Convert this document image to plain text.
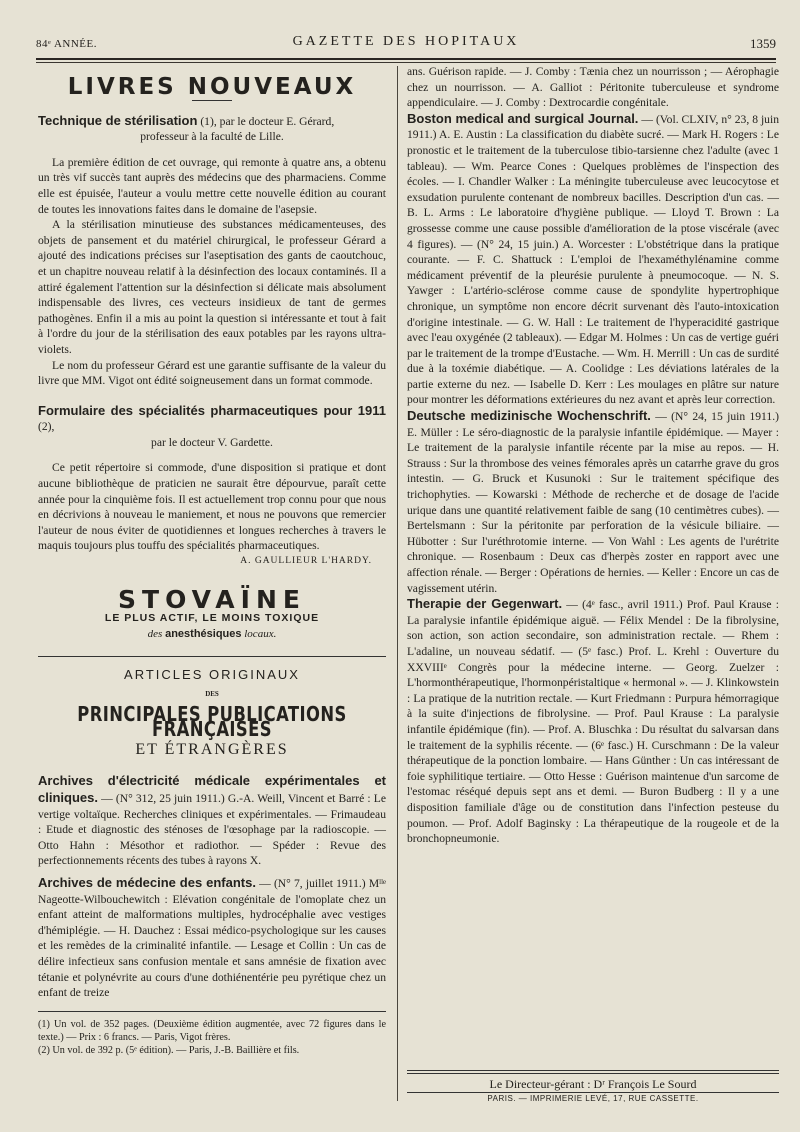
84ᵉ ANNÉE.	GAZETTE DES HOPITAUX	1359
LIVRES NOUVEAUX

Technique de stérilisation (1), par le docteur E. Gérard,

professeur à la faculté de Lille.

La première édition de cet ouvrage, qui remonte à quatre ans, a obtenu un très vif succès tant auprès des médecins que des pharmaciens. Comme elle est épuisée, l'auteur a voulu mettre cette nouvelle édition au courant de toutes les innovations faites dans le domaine de l'asepsie.

A la stérilisation minutieuse des substances médicamenteuses, des objets de pansement et du matériel chirurgical, le professeur Gérard a ajouté des indications précises sur l'aseptisation des gants de caoutchouc, et un chapitre nouveau relatif à la désinfection des locaux contaminés. Il a attiré également l'attention sur la désinfection si délicate mais absolument indispensable des livres, ces vecteurs insidieux de tant de germes pathogènes. Enfin il a mis au point la question si intéressante et tout à fait à l'ordre du jour de la stérilisation des eaux potables par les rayons ultra-violets.

Le nom du professeur Gérard est une garantie suffisante de la valeur du livre que MM. Vigot ont édité soigneusement dans un format commode.

Formulaire des spécialités pharmaceutiques pour 1911 (2),

par le docteur V. Gardette.

Ce petit répertoire si commode, d'une disposition si pratique et dont aucune bibliothèque de praticien ne saurait être dépourvue, paraît cette année pour la cinquième fois. Il est actuellement trop connu pour que nous en décrivions à nouveau le maniement, et nous ne pouvons que remercier l'auteur de nous éviter de quotidiennes et longues recherches à travers le maquis toujours plus touffu des spécialités pharmaceutiques.

A. GAULLIEUR L'HARDY.

STOVAÏNE
LE PLUS ACTIF, LE MOINS TOXIQUE
des anesthésiques locaux.
ARTICLES ORIGINAUX
DES
PRINCIPALES PUBLICATIONS FRANÇAISES
ET ÉTRANGÈRES

Archives d'électricité médicale expérimentales et cliniques. — (N° 312, 25 juin 1911.) G.-A. Weill, Vincent et Barré : Le vertige voltaïque. Recherches cliniques et expérimentales. — Frimaudeau : Etude et diagnostic des sténoses de l'œsophage par la radioscopie. — Otto Hahn : Mésothor et radiothor. — Spéder : Revue des perfectionnements récents des tubes à rayons X.

Archives de médecine des enfants. — (N° 7, juillet 1911.) Mˡˡᵉ Nageotte-Wilbouchewitch : Elévation congénitale de l'omoplate chez un enfant atteint de malformations multiples, hydrocéphalie avec vestiges d'hémiplégie. — H. Dauchez : Essai médico-psychologique sur les causes et les remèdes de la criminalité infantile. — Lesage et Collin : Un cas de délire infectieux sans confusion mentale et sans amnésie de fixation avec tétanie et polynévrite au cours d'une dothiénentérie peu pyrétique chez un enfant de treize

(1) Un vol. de 352 pages. (Deuxième édition augmentée, avec 72 figures dans le texte.) — Prix : 6 francs. — Paris, Vigot frères.

(2) Un vol. de 392 p. (5ᵉ édition). — Paris, J.-B. Baillière et fils.

ans. Guérison rapide. — J. Comby : Tænia chez un nourrisson ; — Aérophagie chez un nourrisson. — A. Galliot : Péritonite tuberculeuse et syndrome appendiculaire. — J. Comby : Dextrocardie congénitale.

Boston medical and surgical Journal. — (Vol. CLXIV, n° 23, 8 juin 1911.) A. E. Austin : La classification du diabète sucré. — Mark H. Rogers : Le pronostic et le traitement de la tuberculose tibio-tarsienne chez l'adulte (avec 1 tableau). — Wm. Pearce Cones : Quelques problèmes de l'inspection des écoles. — I. Chandler Walker : La méningite tuberculeuse avec leucocytose et exsudation purulente contenant de nombreux bacilles. Description d'un cas. — B. L. Arms : Le laboratoire d'hygiène publique. — Lloyd T. Brown : La grossesse comme une cause possible d'amélioration de la ptose viscérale (avec 4 figures). — (N° 24, 15 juin.) A. Worcester : L'obstétrique dans la pratique courante. — F. C. Shattuck : L'emploi de l'hexaméthylénamine comme médicament préventif de la pleurésie purulente à pneumocoque. — N. S. Yawger : L'artério-sclérose comme cause de spondylite hypertrophique chronique, un symptôme non encore décrit survenant dès l'auto-intoxication d'origine intestinale. — G. W. Hall : Le traitement de l'hyperacidité gastrique avec l'eau oxygénée (2 tableaux). — Edgar M. Holmes : Un cas de vertige guéri par le traitement de la trompe d'Eustache. — Wm. H. Merrill : Un cas de surdité due à la toxémie diabétique. — A. Coolidge : Les déviations latérales de la partie externe du nez. — Isabelle D. Kerr : Les moulages en plâtre sur nature pour montrer les déformations extérieures du nez avant et après leur correction.

Deutsche medizinische Wochenschrift. — (N° 24, 15 juin 1911.) E. Müller : Le séro-diagnostic de la paralysie infantile épidémique. — Mayer : Le traitement de la paralysie infantile récente par la mise au repos. — H. Strauss : Sur la thrombose des veines fémorales après un catarrhe grave du gros intestin. — G. Bruck et Kusunoki : Sur le traitement spécifique des trichophyties. — Kowarski : Méthode de recherche et de dosage de l'acide urique dans une quantité relativement faible de sang (10 centimètres cubes). — Bertelsmann : Sur la péritonite par perforation de la vésicule biliaire. — Hübotter : Sur l'uréthrotomie interne. — Von Wahl : Les agents de l'urétrite chronique. — Rosenbaum : Deux cas d'herpès zoster en rapport avec une affection rénale. — Berger : Opérations de hernies. — Keller : Encore un cas de vagissement utérin.

Therapie der Gegenwart. — (4ᵉ fasc., avril 1911.) Prof. Paul Krause : La paralysie infantile épidémique aiguë. — Félix Mendel : De la fibrolysine, son action, son action secondaire, son administration rectale. — Rhem : L'adaline, un nouveau sédatif. — (5ᵉ fasc.) Prof. L. Krehl : Ouverture du XXVIIIᵉ Congrès pour la médecine interne. — Georg. Zuelzer : L'hormonthérapeutique, l'hormonpéristaltique « hermonal ». — J. Klinkowstein : La pratique de la nutrition rectale. — Kurt Friedmann : Purpura hémorragique à la suite d'injections de fibrolysine. — Prof. Paul Krause : La paralysie infantile épidémique (fin). — Prof. A. Bluschka : Du résultat du salvarsan dans le traitement de la syphilis récente. — (6ᵉ fasc.) H. Curschmann : De la valeur thérapeutique de la ponction lombaire. — Hans Günther : Un cas intéressant de foie syphilitique tertiaire. — Otto Hesse : Guérison maintenue d'un sarcome de l'estomac réséqué depuis sept ans et demi. — Buron Budberg : Il y a une disposition familiale d'âge ou de constitution dans l'infection pesteuse du poumon. — Prof. Adolf Baginsky : La thérapeutique de la rougeole et de la bronchopneumonie.

Le Directeur-gérant : Dʳ François Le Sourd
PARIS. — IMPRIMERIE LEVÉ, 17, RUE CASSETTE.
